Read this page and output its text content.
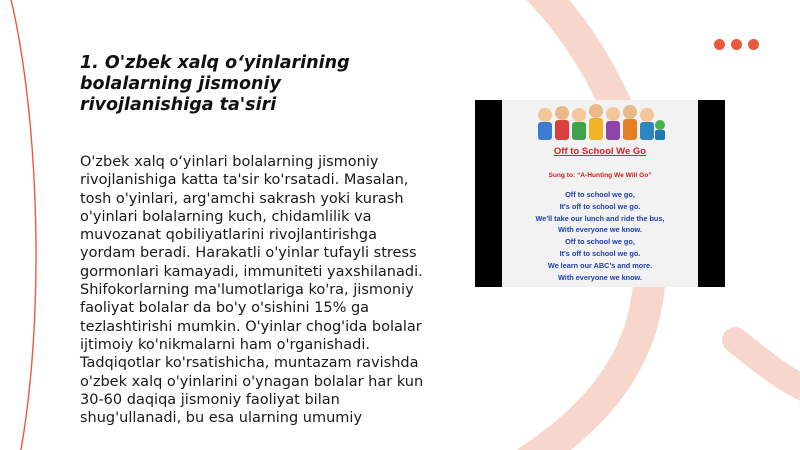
1. O'zbek xalq o‘yinlarining bolalarning jismoniy rivojlanishiga ta'siri

O'zbek xalq o‘yinlari bolalarning jismoniy rivojlanishiga katta ta'sir ko'rsatadi. Masalan, tosh o'yinlari, arg'amchi sakrash yoki kurash o'yinlari bolalarning kuch, chidamlilik va muvozanat qobiliyatlarini rivojlantirishga yordam beradi. Harakatli o'yinlar tufayli stress gormonlari kamayadi, immuniteti yaxshilanadi. Shifokorlarning ma'lumotlariga ko'ra, jismoniy faoliyat bolalar da bo'y o'sishini 15% ga tezlashtirishi mumkin. O'yinlar chog'ida bolalar ijtimoiy ko'nikmalarni ham o'rganishadi. Tadqiqotlar ko'rsatishicha, muntazam ravishda o'zbek xalq o'yinlarini o'ynagan bolalar har kun 30-60 daqiqa jismoniy faoliyat bilan shug'ullanadi, bu esa ularning umumiy

Off to School We Go
Sung to: “A-Hunting We Will Go”
Off to school we go,
It's off to school we go.
We'll take our lunch and ride the bus,
With everyone we know.
Off to school we go,
It's off to school we go.
We learn our ABC's and more.
With everyone we know.
